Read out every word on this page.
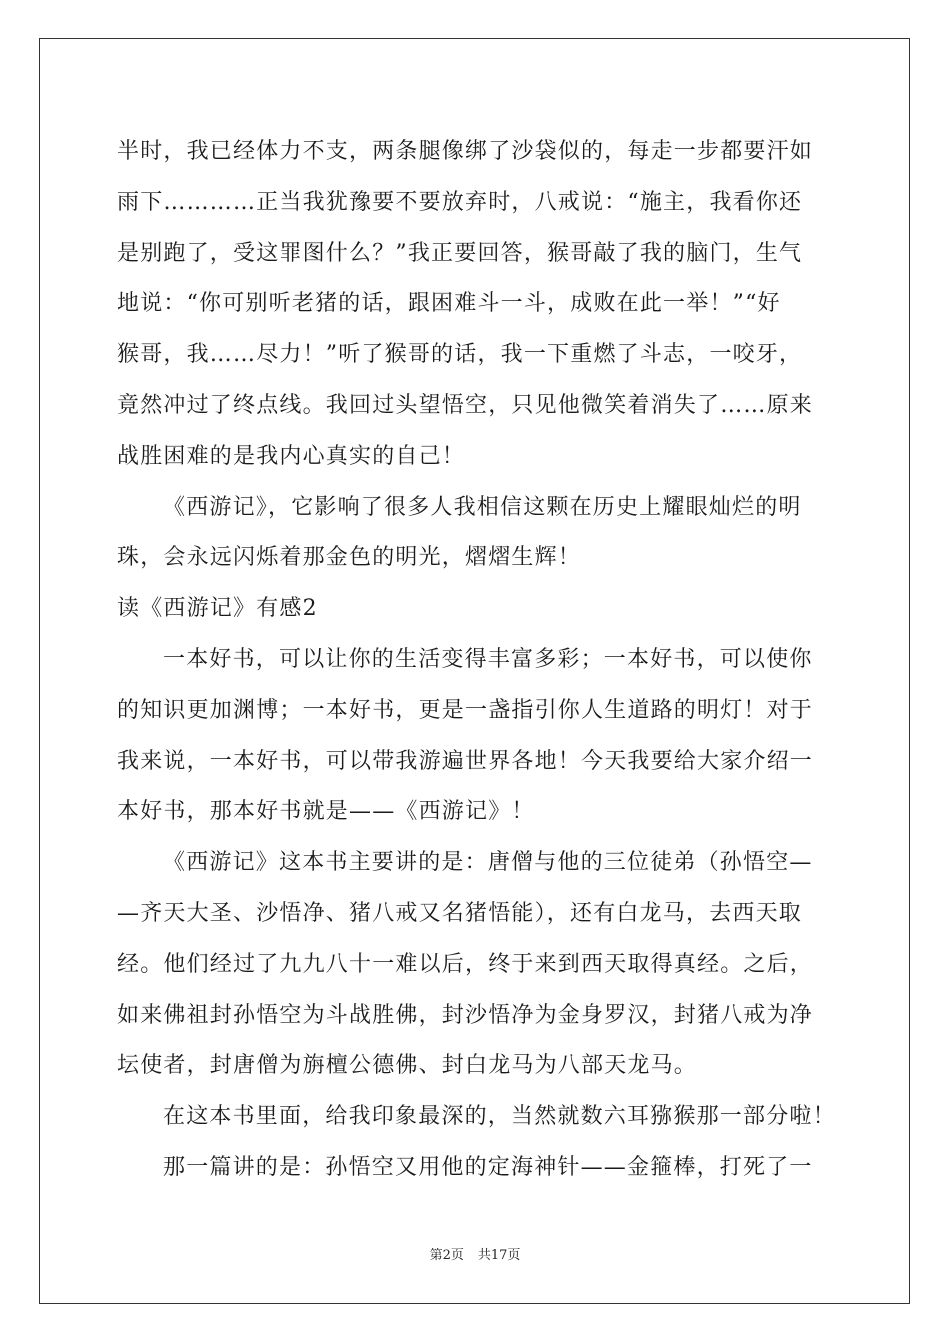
半时，我已经体力不支，两条腿像绑了沙袋似的，每走一步都要汗如
雨下…………正当我犹豫要不要放弃时，八戒说：“施主，我看你还
是别跑了，受这罪图什么？”我正要回答，猴哥敲了我的脑门，生气
地说：“你可别听老猪的话，跟困难斗一斗，成败在此一举！”“好
猴哥，我……尽力！”听了猴哥的话，我一下重燃了斗志，一咬牙，
竟然冲过了终点线。我回过头望悟空，只见他微笑着消失了……原来
战胜困难的是我内心真实的自己！
《西游记》，它影响了很多人我相信这颗在历史上耀眼灿烂的明
珠，会永远闪烁着那金色的明光，熠熠生辉！
读《西游记》有感2
一本好书，可以让你的生活变得丰富多彩；一本好书，可以使你
的知识更加渊博；一本好书，更是一盏指引你人生道路的明灯！对于
我来说，一本好书，可以带我游遍世界各地！今天我要给大家介绍一
本好书，那本好书就是——《西游记》！
《西游记》这本书主要讲的是：唐僧与他的三位徒弟（孙悟空—
—齐天大圣、沙悟净、猪八戒又名猪悟能），还有白龙马，去西天取
经。他们经过了九九八十一难以后，终于来到西天取得真经。之后，
如来佛祖封孙悟空为斗战胜佛，封沙悟净为金身罗汉，封猪八戒为净
坛使者，封唐僧为旃檀公德佛、封白龙马为八部天龙马。
在这本书里面，给我印象最深的，当然就数六耳猕猴那一部分啦！
那一篇讲的是：孙悟空又用他的定海神针——金箍棒，打死了一
第2页 共17页
